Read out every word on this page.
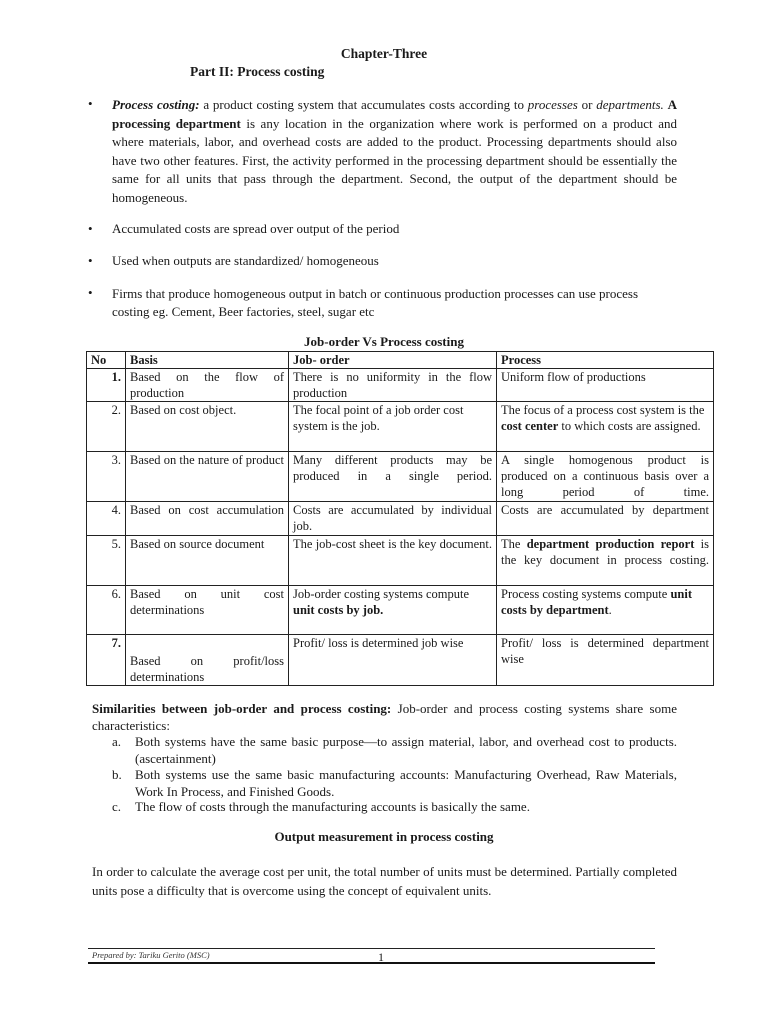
Chapter-Three
Part II: Process costing
• Process costing: a product costing system that accumulates costs according to processes or departments. A processing department is any location in the organization where work is performed on a product and where materials, labor, and overhead costs are added to the product. Processing departments should also have two other features. First, the activity performed in the processing department should be essentially the same for all units that pass through the department. Second, the output of the department should be homogeneous.
• Accumulated costs are spread over output of the period
• Used when outputs are standardized/ homogeneous
• Firms that produce homogeneous output in batch or continuous production processes can use process costing eg. Cement, Beer factories, steel, sugar etc
Job-order Vs Process costing
No	Basis	Job- order	Process
1.	Based on the flow of production	There is no uniformity in the flow production	Uniform flow of productions
2.	Based on cost object.	The focal point of a job order cost system is the job.	The focus of a process cost system is the cost center to which costs are assigned.
3.	Based on the nature of product	Many different products may be produced in a single period.	A single homogenous product is produced on a continuous basis over a long period of time.
4.	Based on cost accumulation	Costs are accumulated by individual job.	Costs are accumulated by department
5.	Based on source document	The job-cost sheet is the key document.	The department production report is the key document in process costing.
6.	Based on unit cost determinations	Job-order costing systems compute unit costs by job.	Process costing systems compute unit costs by department.
7.	Based on profit/loss determinations	Profit/ loss is determined job wise	Profit/ loss is determined department wise
Similarities between job-order and process costing: Job-order and process costing systems share some characteristics:
a. Both systems have the same basic purpose—to assign material, labor, and overhead cost to products.(ascertainment)
b. Both systems use the same basic manufacturing accounts: Manufacturing Overhead, Raw Materials, Work In Process, and Finished Goods.
c. The flow of costs through the manufacturing accounts is basically the same.
Output measurement in process costing
In order to calculate the average cost per unit, the total number of units must be determined. Partially completed units pose a difficulty that is overcome using the concept of equivalent units.
Prepared by: Tariku Gerito (MSC)	1
